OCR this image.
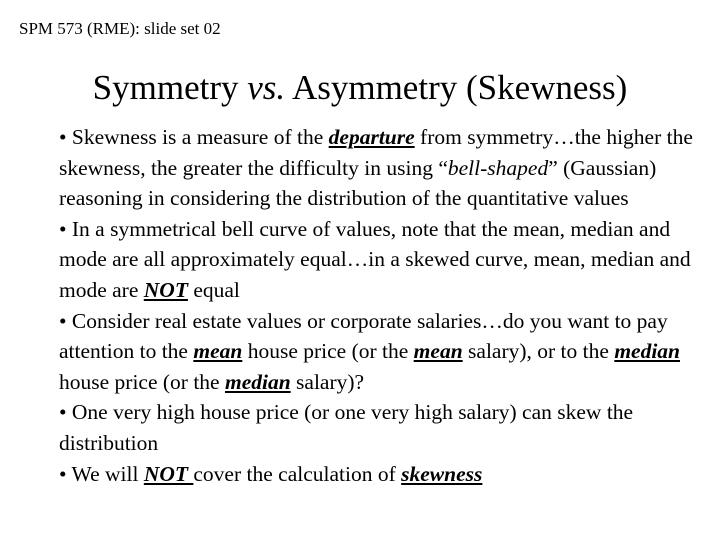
SPM 573 (RME): slide set 02
Symmetry vs. Asymmetry (Skewness)

• Skewness is a measure of the departure from symmetry…the higher the skewness, the greater the difficulty in using “bell-shaped” (Gaussian) reasoning in considering the distribution of the quantitative values

• In a symmetrical bell curve of values, note that the mean, median and mode are all approximately equal…in a skewed curve, mean, median and mode are NOT equal

• Consider real estate values or corporate salaries…do you want to pay attention to the mean house price (or the mean salary), or to the median house price (or the median salary)?

• One very high house price (or one very high salary) can skew the distribution

• We will NOT cover the calculation of skewness
